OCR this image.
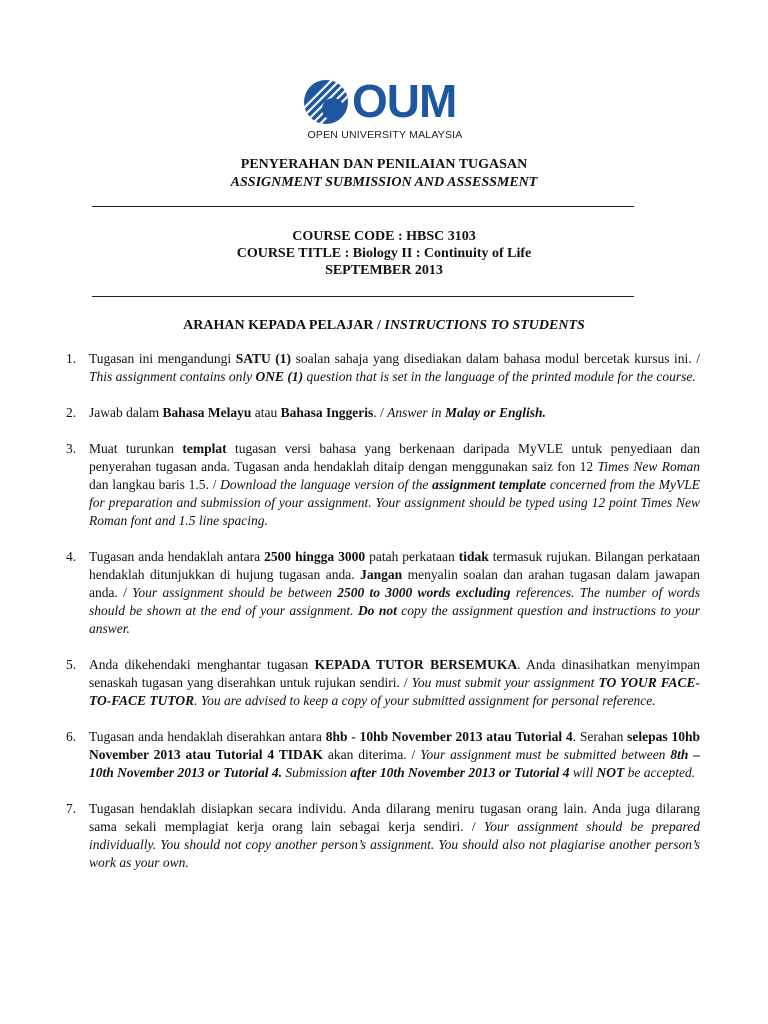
OUM
OPEN UNIVERSITY MALAYSIA
PENYERAHAN DAN PENILAIAN TUGASAN
ASSIGNMENT SUBMISSION AND ASSESSMENT
COURSE CODE : HBSC 3103
COURSE TITLE : Biology II : Continuity of Life
SEPTEMBER 2013
ARAHAN KEPADA PELAJAR / INSTRUCTIONS TO STUDENTS
1. Tugasan ini mengandungi SATU (1) soalan sahaja yang disediakan dalam bahasa modul bercetak kursus ini. / This assignment contains only ONE (1) question that is set in the language of the printed module for the course.
2. Jawab dalam Bahasa Melayu atau Bahasa Inggeris. / Answer in Malay or English.
3. Muat turunkan templat tugasan versi bahasa yang berkenaan daripada MyVLE untuk penyediaan dan penyerahan tugasan anda. Tugasan anda hendaklah ditaip dengan menggunakan saiz fon 12 Times New Roman dan langkau baris 1.5. / Download the language version of the assignment template concerned from the MyVLE for preparation and submission of your assignment. Your assignment should be typed using 12 point Times New Roman font and 1.5 line spacing.
4. Tugasan anda hendaklah antara 2500 hingga 3000 patah perkataan tidak termasuk rujukan. Bilangan perkataan hendaklah ditunjukkan di hujung tugasan anda. Jangan menyalin soalan dan arahan tugasan dalam jawapan anda. / Your assignment should be between 2500 to 3000 words excluding references. The number of words should be shown at the end of your assignment. Do not copy the assignment question and instructions to your answer.
5. Anda dikehendaki menghantar tugasan KEPADA TUTOR BERSEMUKA. Anda dinasihatkan menyimpan senaskah tugasan yang diserahkan untuk rujukan sendiri. / You must submit your assignment TO YOUR FACE-TO-FACE TUTOR. You are advised to keep a copy of your submitted assignment for personal reference.
6. Tugasan anda hendaklah diserahkan antara 8hb - 10hb November 2013 atau Tutorial 4. Serahan selepas 10hb November 2013 atau Tutorial 4 TIDAK akan diterima. / Your assignment must be submitted between 8th – 10th November 2013 or Tutorial 4. Submission after 10th November 2013 or Tutorial 4 will NOT be accepted.
7. Tugasan hendaklah disiapkan secara individu. Anda dilarang meniru tugasan orang lain. Anda juga dilarang sama sekali memplagiat kerja orang lain sebagai kerja sendiri. / Your assignment should be prepared individually. You should not copy another person’s assignment. You should also not plagiarise another person’s work as your own.
